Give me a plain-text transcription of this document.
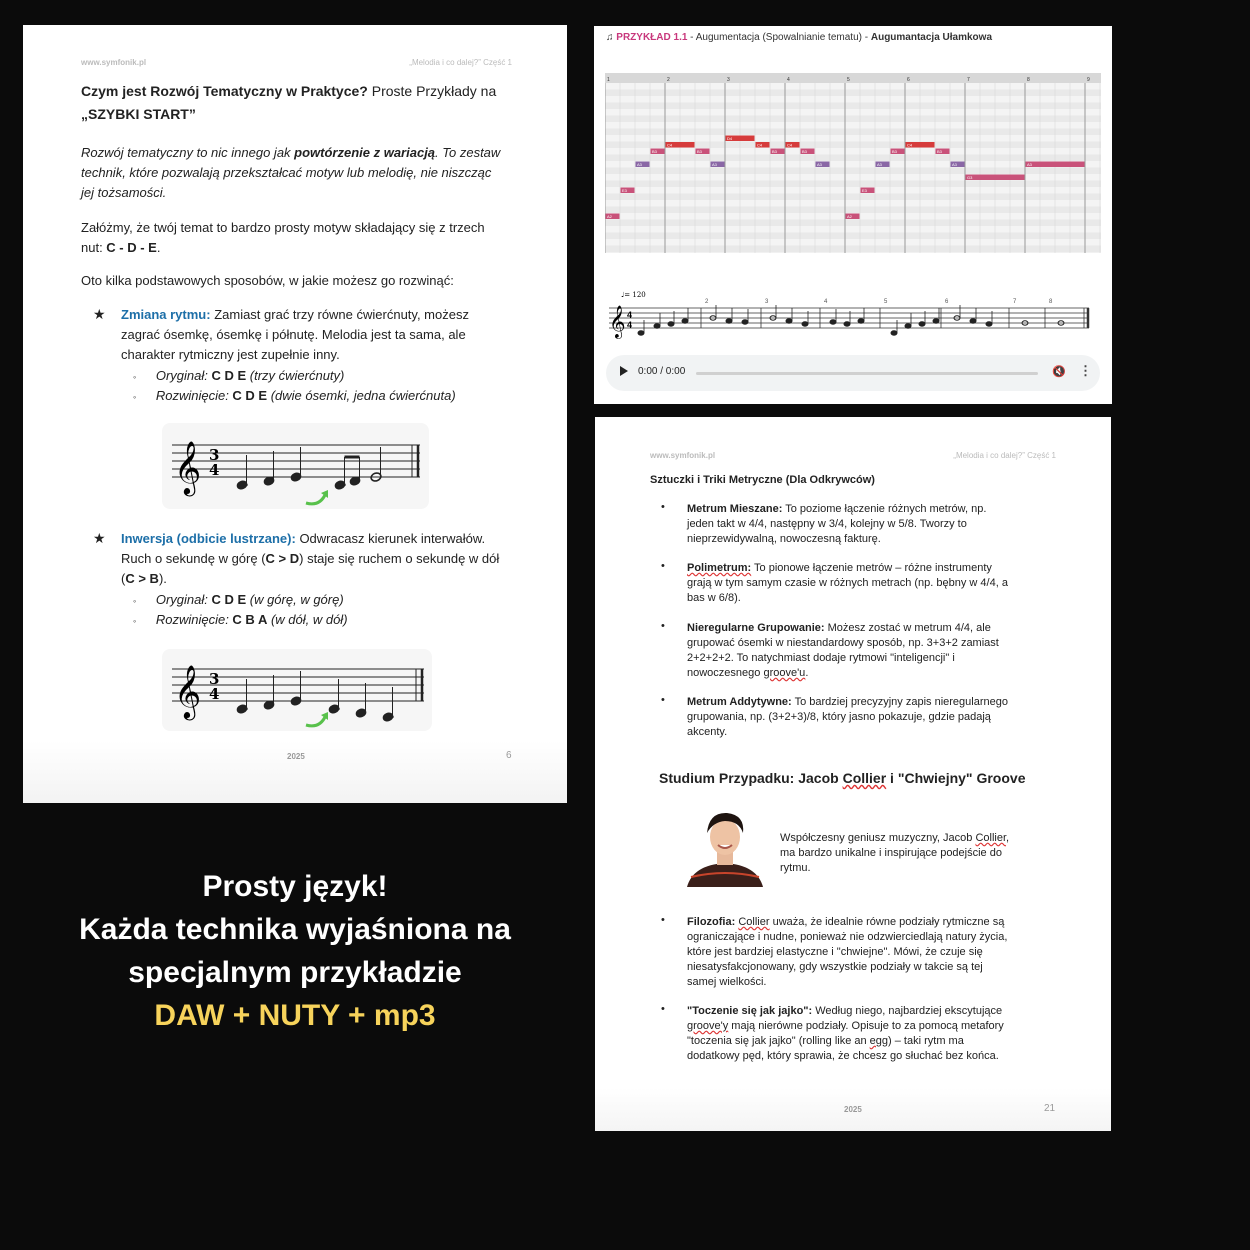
www.symfonik.pl	„Melodia i co dalej?” Część 1
Czym jest Rozwój Tematyczny w Praktyce? Proste Przykłady na
„SZYBKI START”
Rozwój tematyczny to nic innego jak powtórzenie z wariacją. To zestaw
technik, które pozwalają przekształcać motyw lub melodię, nie niszcząc
jej tożsamości.
Załóżmy, że twój temat to bardzo prosty motyw składający się z trzech
nut: C - D - E.
Oto kilka podstawowych sposobów, w jakie możesz go rozwinąć:
★ Zmiana rytmu: Zamiast grać trzy równe ćwierćnuty, możesz
zagrać ósemkę, ósemkę i półnutę. Melodia jest ta sama, ale
charakter rytmiczny jest zupełnie inny.
◦ Oryginał: C D E (trzy ćwierćnuty)
◦ Rozwinięcie: C D E (dwie ósemki, jedna ćwierćnuta)
𝄞 3
4
★ Inwersja (odbicie lustrzane): Odwracasz kierunek interwałów.
Ruch o sekundę w górę (C > D) staje się ruchem o sekundę w dół
(C > B).
◦ Oryginał: C D E (w górę, w górę)
◦ Rozwinięcie: C B A (w dół, w dół)
𝄞 3
4
2025	6
♫ PRZYKŁAD 1.1 - Augumentacja (Spowalnianie tematu) - Augumantacja Ułamkowa
1	2	3	4	5	6	7	8	9
A2
E3
A3
B3
C4
B3
D4
A3
C4
B3
C4
A3
B3
A2
E3
A3
B3
C4
B3
A3
G3
A3
♩= 120
𝄞
2	3	4	5	6	7	8
4
4
0:00 / 0:00	🔇 ⋮
www.symfonik.pl	„Melodia i co dalej?” Część 1
Sztuczki i Triki Metryczne (Dla Odkrywców)
• Metrum Mieszane: To poziome łączenie różnych metrów, np.
jeden takt w 4/4, następny w 3/4, kolejny w 5/8. Tworzy to
nieprzewidywalną, nowoczesną fakturę.
• Polimetrum: To pionowe łączenie metrów – różne instrumenty
grają w tym samym czasie w różnych metrach (np. bębny w 4/4, a
bas w 6/8).
• Nieregularne Grupowanie: Możesz zostać w metrum 4/4, ale
grupować ósemki w niestandardowy sposób, np. 3+3+2 zamiast
2+2+2+2. To natychmiast dodaje rytmowi "inteligencji" i
nowoczesnego groove'u.
• Metrum Addytywne: To bardziej precyzyjny zapis nieregularnego
grupowania, np. (3+2+3)/8, który jasno pokazuje, gdzie padają
akcenty.
Studium Przypadku: Jacob Collier i "Chwiejny" Groove
Współczesny geniusz muzyczny, Jacob Collier,
ma bardzo unikalne i inspirujące podejście do
rytmu.
• Filozofia: Collier uważa, że idealnie równe podziały rytmiczne są
ograniczające i nudne, ponieważ nie odzwierciedlają natury życia,
które jest bardziej elastyczne i "chwiejne". Mówi, że czuje się
niesatysfakcjonowany, gdy wszystkie podziały w takcie są tej
samej wielkości.
• "Toczenie się jak jajko": Według niego, najbardziej ekscytujące
groove'y mają nierówne podziały. Opisuje to za pomocą metafory
"toczenia się jak jajko" (rolling like an egg) – taki rytm ma
dodatkowy pęd, który sprawia, że chcesz go słuchać bez końca.
2025	21
Prosty język!
Każda technika wyjaśniona na
specjalnym przykładzie
DAW + NUTY + mp3
